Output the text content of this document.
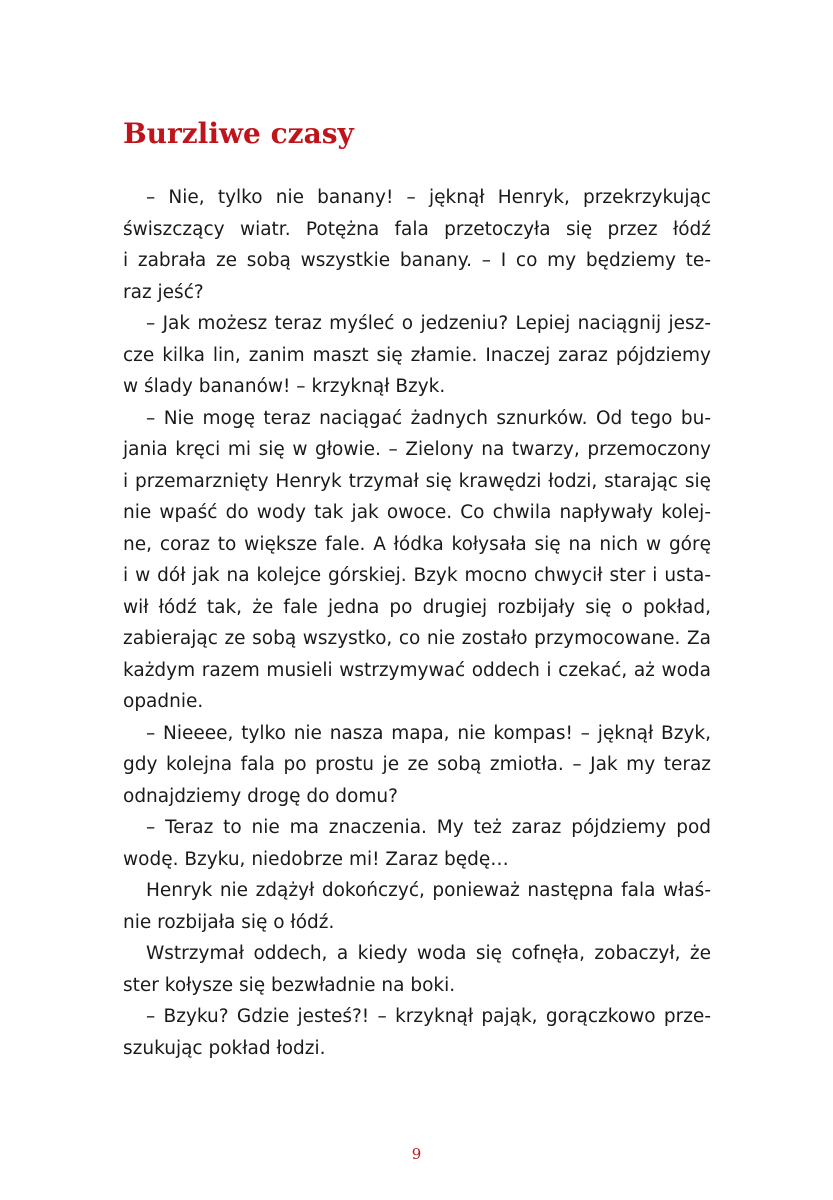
Burzliwe czasy
– Nie, tylko nie banany! – jęknął Henryk, przekrzykując
świszczący wiatr. Potężna fala przetoczyła się przez łódź
i zabrała ze sobą wszystkie banany. – I co my będziemy te-
raz jeść?
– Jak możesz teraz myśleć o jedzeniu? Lepiej naciągnij jesz-
cze kilka lin, zanim maszt się złamie. Inaczej zaraz pójdziemy
w ślady bananów! – krzyknął Bzyk.
– Nie mogę teraz naciągać żadnych sznurków. Od tego bu-
jania kręci mi się w głowie. – Zielony na twarzy, przemoczony
i przemarznięty Henryk trzymał się krawędzi łodzi, starając się
nie wpaść do wody tak jak owoce. Co chwila napływały kolej-
ne, coraz to większe fale. A łódka kołysała się na nich w górę
i w dół jak na kolejce górskiej. Bzyk mocno chwycił ster i usta-
wił łódź tak, że fale jedna po drugiej rozbijały się o pokład,
zabierając ze sobą wszystko, co nie zostało przymocowane. Za
każdym razem musieli wstrzymywać oddech i czekać, aż woda
opadnie.
– Nieeee, tylko nie nasza mapa, nie kompas! – jęknął Bzyk,
gdy kolejna fala po prostu je ze sobą zmiotła. – Jak my teraz
odnajdziemy drogę do domu?
– Teraz to nie ma znaczenia. My też zaraz pójdziemy pod
wodę. Bzyku, niedobrze mi! Zaraz będę…
Henryk nie zdążył dokończyć, ponieważ następna fala właś-
nie rozbijała się o łódź.
Wstrzymał oddech, a kiedy woda się cofnęła, zobaczył, że
ster kołysze się bezwładnie na boki.
– Bzyku? Gdzie jesteś?! – krzyknął pająk, gorączkowo prze-
szukując pokład łodzi.
9
